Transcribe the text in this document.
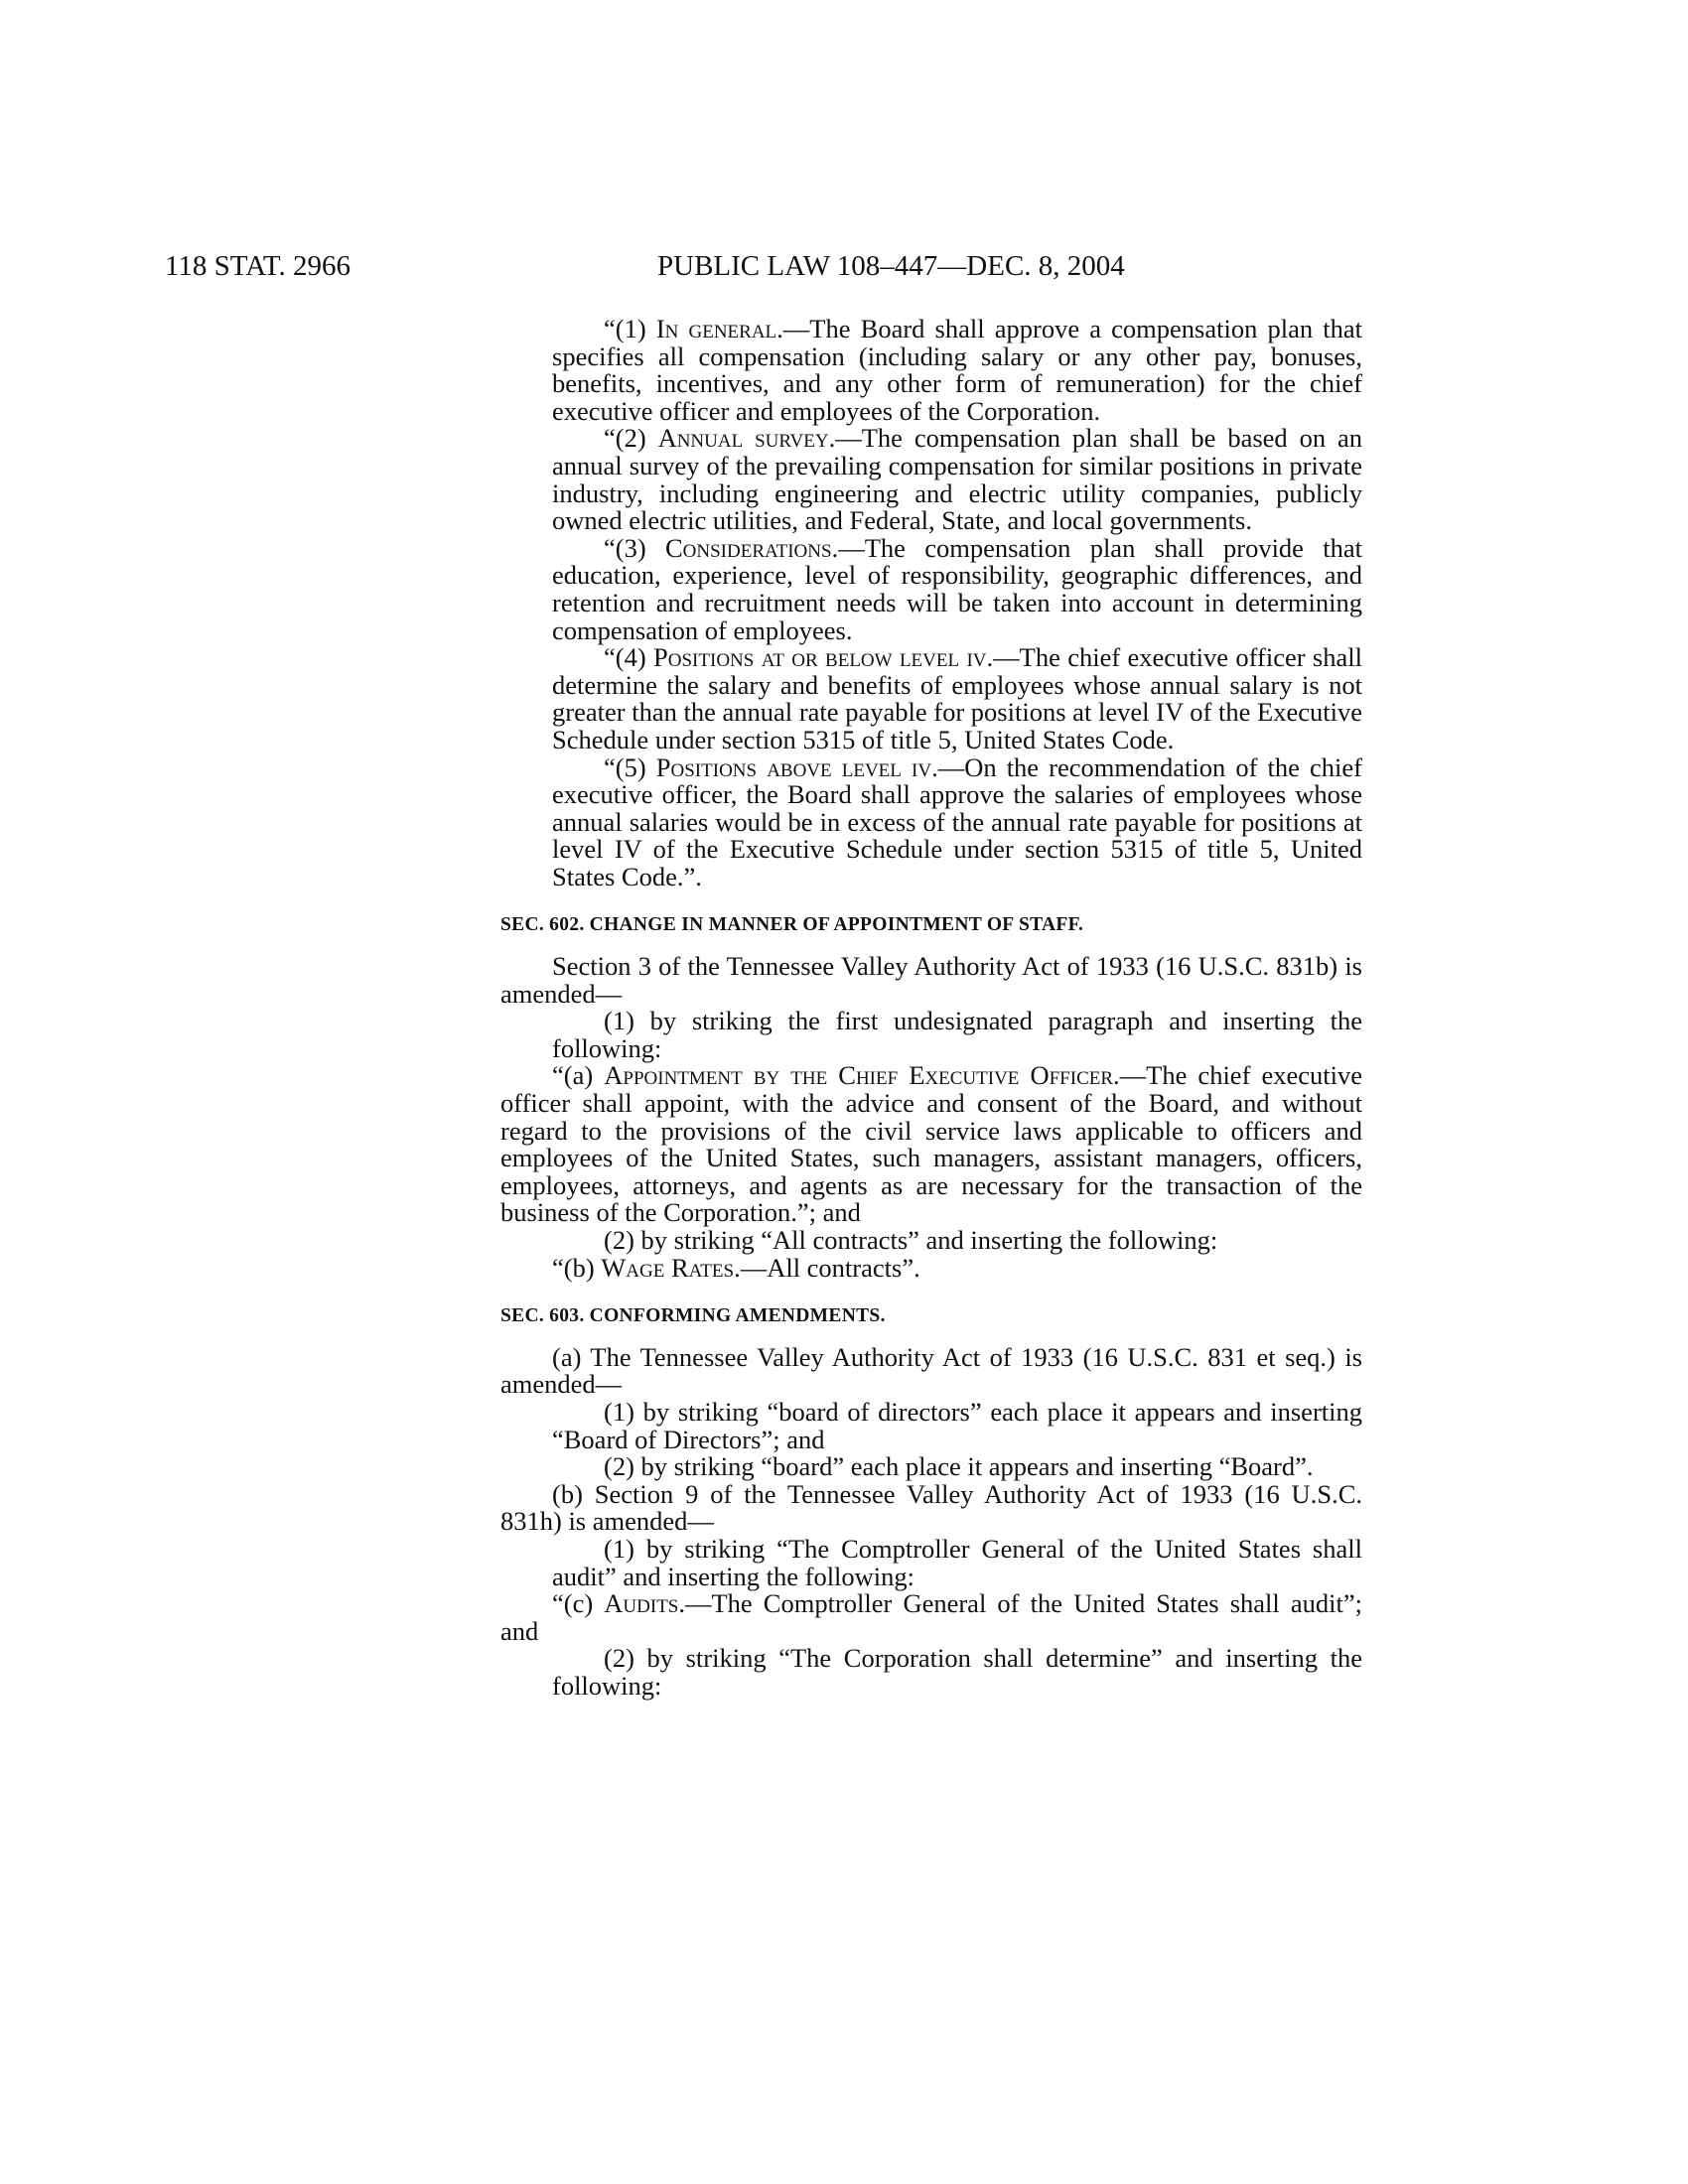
118 STAT. 2966	PUBLIC LAW 108–447—DEC. 8, 2004

“(1) In general.—The Board shall approve a compensation plan that specifies all compensation (including salary or any other pay, bonuses, benefits, incentives, and any other form of remuneration) for the chief executive officer and employees of the Corporation.

“(2) Annual survey.—The compensation plan shall be based on an annual survey of the prevailing compensation for similar positions in private industry, including engineering and electric utility companies, publicly owned electric utilities, and Federal, State, and local governments.

“(3) Considerations.—The compensation plan shall provide that education, experience, level of responsibility, geographic differences, and retention and recruitment needs will be taken into account in determining compensation of employees.

“(4) Positions at or below level iv.—The chief executive officer shall determine the salary and benefits of employees whose annual salary is not greater than the annual rate payable for positions at level IV of the Executive Schedule under section 5315 of title 5, United States Code.

“(5) Positions above level iv.—On the recommendation of the chief executive officer, the Board shall approve the salaries of employees whose annual salaries would be in excess of the annual rate payable for positions at level IV of the Executive Schedule under section 5315 of title 5, United States Code.”.

SEC. 602. CHANGE IN MANNER OF APPOINTMENT OF STAFF.

Section 3 of the Tennessee Valley Authority Act of 1933 (16 U.S.C. 831b) is amended—

(1) by striking the first undesignated paragraph and inserting the following:

“(a) Appointment by the Chief Executive Officer.—The chief executive officer shall appoint, with the advice and consent of the Board, and without regard to the provisions of the civil service laws applicable to officers and employees of the United States, such managers, assistant managers, officers, employees, attorneys, and agents as are necessary for the transaction of the business of the Corporation.”; and

(2) by striking “All contracts” and inserting the following:

“(b) Wage Rates.—All contracts”.

SEC. 603. CONFORMING AMENDMENTS.

(a) The Tennessee Valley Authority Act of 1933 (16 U.S.C. 831 et seq.) is amended—

(1) by striking “board of directors” each place it appears and inserting “Board of Directors”; and

(2) by striking “board” each place it appears and inserting “Board”.

(b) Section 9 of the Tennessee Valley Authority Act of 1933 (16 U.S.C. 831h) is amended—

(1) by striking “The Comptroller General of the United States shall audit” and inserting the following:

“(c) Audits.—The Comptroller General of the United States shall audit”; and

(2) by striking “The Corporation shall determine” and inserting the following:
